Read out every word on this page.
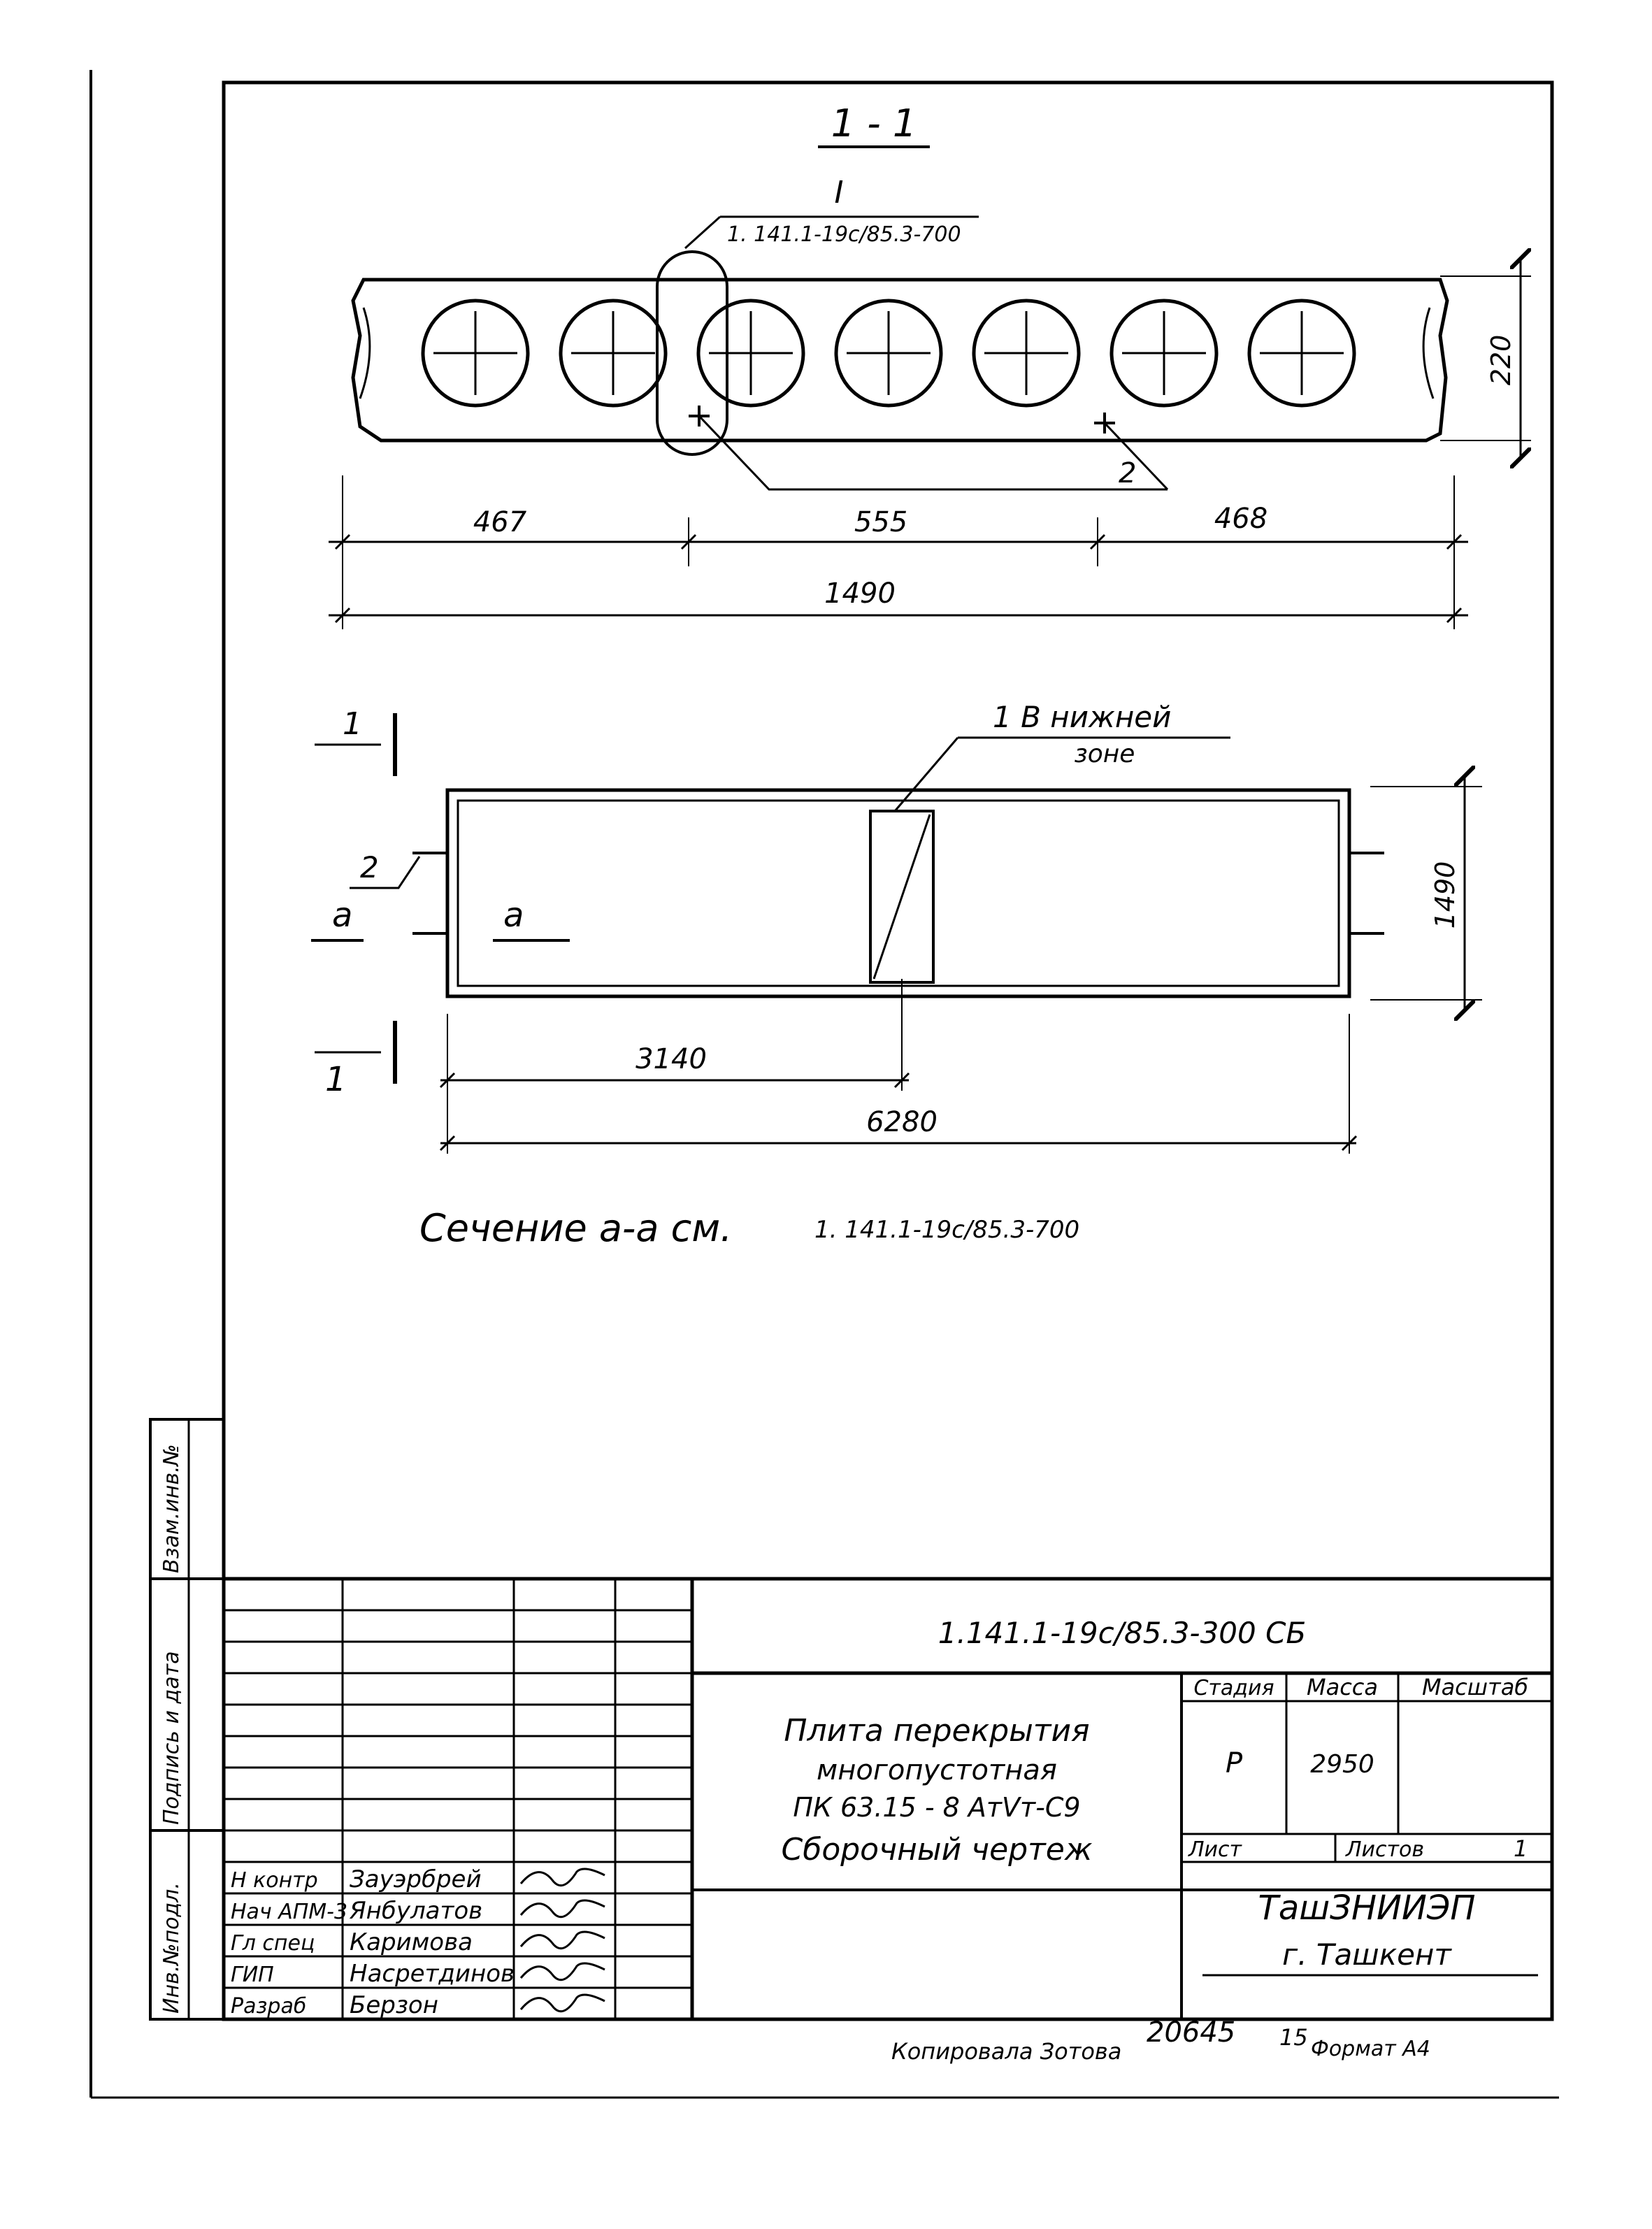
1 - 1
I
1. 141.1-19с/85.3-700
2
220
467	555	468
1490
1 В нижней
зоне
1
1
2
а	а	1490
3140
6280
Сечение а-а см.	1. 141.1-19с/85.3-700
Взам.инв.№
Подпись и дата
Инв.№подл.
Н контр Зауэрбрей
Нач АПМ-3 Янбулатов
Гл спец Каримова
ГИП	Насретдинов
Разраб Берзон
1.141.1-19с/85.3-300 СБ
Плита перекрытия
многопустотная
ПК 63.15 - 8 АтⅤт-С9
Сборочный чертеж
Стадия Масса Масштаб
Р	2950
Лист	Листов	1
ТашЗНИИЭП
г. Ташкент
Копировала Зотова
20645 15 Формат А4
